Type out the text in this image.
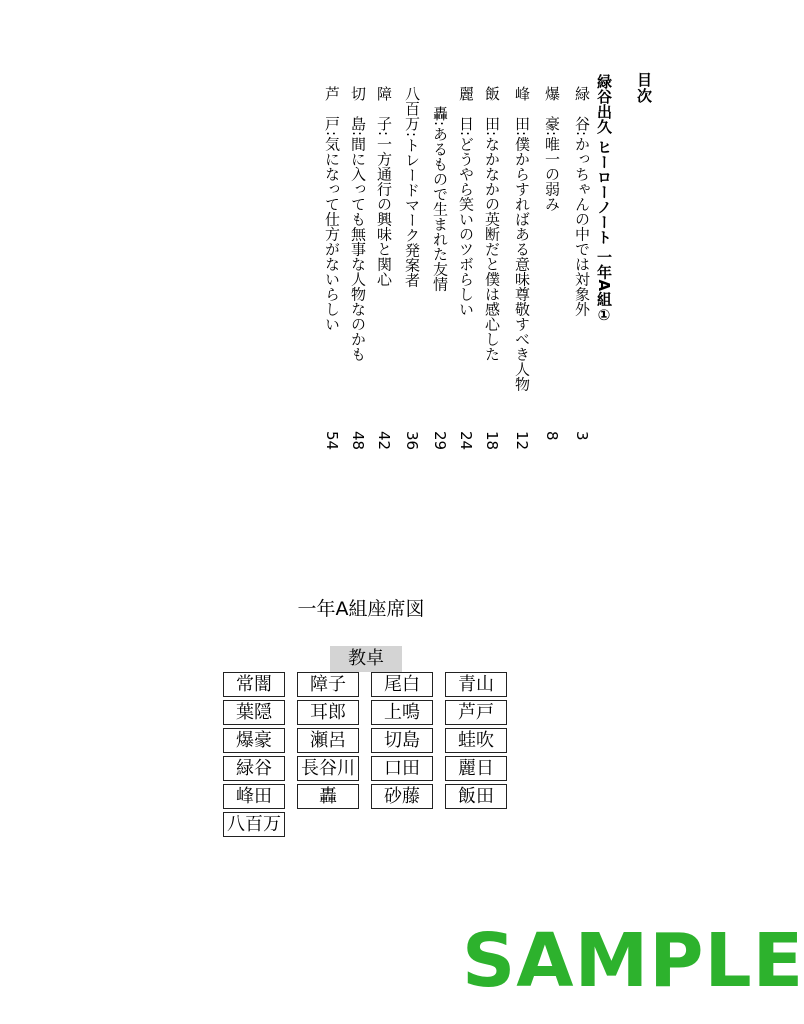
目次
緑 緑谷出久 ヒーローノート 一年A組①
谷:かっちゃんの中では対象外
3
爆
豪:唯一の弱み
8
峰
田:僕からすればある意味尊敬すべき人物
12
飯
田:なかなかの英断だと僕は感心した
18
麗
日:どうやら笑いのツボらしい
24
轟:あるもので生まれた友情
29
八百万
:トレードマーク発案者
36
障
子:一方通行の興味と関心
42
切
島:間に入っても無事な人物なのかも
48
芦
戸:気になって仕方がないらしい
54
一年A組座席図
教卓
常闇
葉隠
爆豪
緑谷
峰田
八百万
障子
耳郎
瀬呂
長谷川
轟
尾白
上鳴
切島
口田
砂藤
青山
芦戸
蛙吹
麗日
飯田
SAMPLE
